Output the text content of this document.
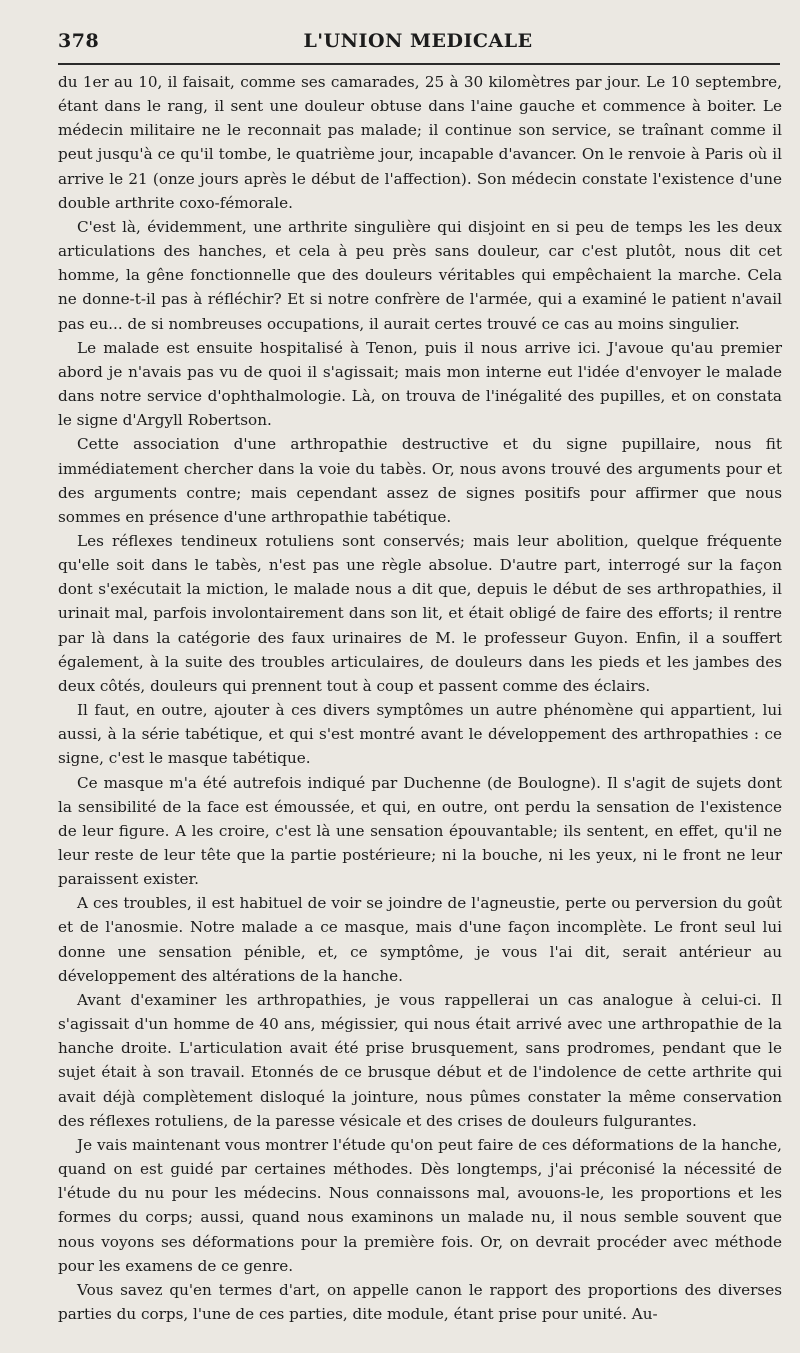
378	L'UNION MEDICALE

du 1er au 10, il faisait, comme ses camarades, 25 à 30 kilomètres par jour. Le 10 septembre, étant dans le rang, il sent une douleur obtuse dans l'aine gauche et commence à boiter. Le médecin militaire ne le reconnait pas malade; il continue son service, se traînant comme il peut jusqu'à ce qu'il tombe, le quatrième jour, incapable d'avancer. On le renvoie à Paris où il arrive le 21 (onze jours après le début de l'affection). Son médecin constate l'existence d'une double arthrite coxo-fémorale.

C'est là, évidemment, une arthrite singulière qui disjoint en si peu de temps les les deux articulations des hanches, et cela à peu près sans douleur, car c'est plutôt, nous dit cet homme, la gêne fonctionnelle que des douleurs véritables qui empêchaient la marche. Cela ne donne-t-il pas à réfléchir? Et si notre confrère de l'armée, qui a examiné le patient n'avail pas eu... de si nombreuses occupations, il aurait certes trouvé ce cas au moins singulier.

Le malade est ensuite hospitalisé à Tenon, puis il nous arrive ici. J'avoue qu'au premier abord je n'avais pas vu de quoi il s'agissait; mais mon interne eut l'idée d'envoyer le malade dans notre service d'ophthalmologie. Là, on trouva de l'inégalité des pupilles, et on constata le signe d'Argyll Robertson.

Cette association d'une arthropathie destructive et du signe pupillaire, nous fit immédiatement chercher dans la voie du tabès. Or, nous avons trouvé des arguments pour et des arguments contre; mais cependant assez de signes positifs pour affirmer que nous sommes en présence d'une arthropathie tabétique.

Les réflexes tendineux rotuliens sont conservés; mais leur abolition, quelque fréquente qu'elle soit dans le tabès, n'est pas une règle absolue. D'autre part, interrogé sur la façon dont s'exécutait la miction, le malade nous a dit que, depuis le début de ses arthropathies, il urinait mal, parfois involontairement dans son lit, et était obligé de faire des efforts; il rentre par là dans la catégorie des faux urinaires de M. le professeur Guyon. Enfin, il a souffert également, à la suite des troubles articulaires, de douleurs dans les pieds et les jambes des deux côtés, douleurs qui prennent tout à coup et passent comme des éclairs.

Il faut, en outre, ajouter à ces divers symptômes un autre phénomène qui appartient, lui aussi, à la série tabétique, et qui s'est montré avant le développement des arthropathies : ce signe, c'est le masque tabétique.

Ce masque m'a été autrefois indiqué par Duchenne (de Boulogne). Il s'agit de sujets dont la sensibilité de la face est émoussée, et qui, en outre, ont perdu la sensation de l'existence de leur figure. A les croire, c'est là une sensation épouvantable; ils sentent, en effet, qu'il ne leur reste de leur tête que la partie postérieure; ni la bouche, ni les yeux, ni le front ne leur paraissent exister.

A ces troubles, il est habituel de voir se joindre de l'agneustie, perte ou perversion du goût et de l'anosmie. Notre malade a ce masque, mais d'une façon incomplète. Le front seul lui donne une sensation pénible, et, ce symptôme, je vous l'ai dit, serait antérieur au développement des altérations de la hanche.

Avant d'examiner les arthropathies, je vous rappellerai un cas analogue à celui-ci. Il s'agissait d'un homme de 40 ans, mégissier, qui nous était arrivé avec une arthropathie de la hanche droite. L'articulation avait été prise brusquement, sans prodromes, pendant que le sujet était à son travail. Etonnés de ce brusque début et de l'indolence de cette arthrite qui avait déjà complètement disloqué la jointure, nous pûmes constater la même conservation des réflexes rotuliens, de la paresse vésicale et des crises de douleurs fulgurantes.

Je vais maintenant vous montrer l'étude qu'on peut faire de ces déformations de la hanche, quand on est guidé par certaines méthodes. Dès longtemps, j'ai préconisé la nécessité de l'étude du nu pour les médecins. Nous connaissons mal, avouons-le, les proportions et les formes du corps; aussi, quand nous examinons un malade nu, il nous semble souvent que nous voyons ses déformations pour la première fois. Or, on devrait procéder avec méthode pour les examens de ce genre.

Vous savez qu'en termes d'art, on appelle canon le rapport des proportions des diverses parties du corps, l'une de ces parties, dite module, étant prise pour unité. Au-
